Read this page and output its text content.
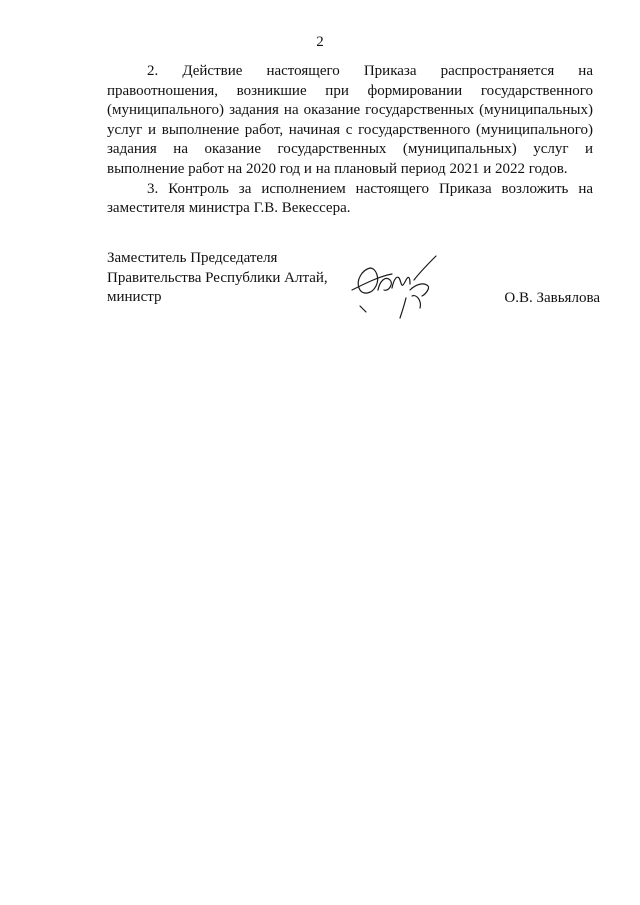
2
2. Действие настоящего Приказа распространяется на

правоотношения, возникшие при формировании государственного (муниципального) задания на оказание государственных (муниципальных) услуг и выполнение работ, начиная с государственного (муниципального) задания на оказание государственных (муниципальных) услуг и выполнение работ на 2020 год и на плановый период 2021 и 2022 годов.

3. Контроль за исполнением настоящего Приказа возложить на заместителя министра Г.В. Векессера.

Заместитель Председателя
Правительства Республики Алтай,
министр	О.В. Завьялова
